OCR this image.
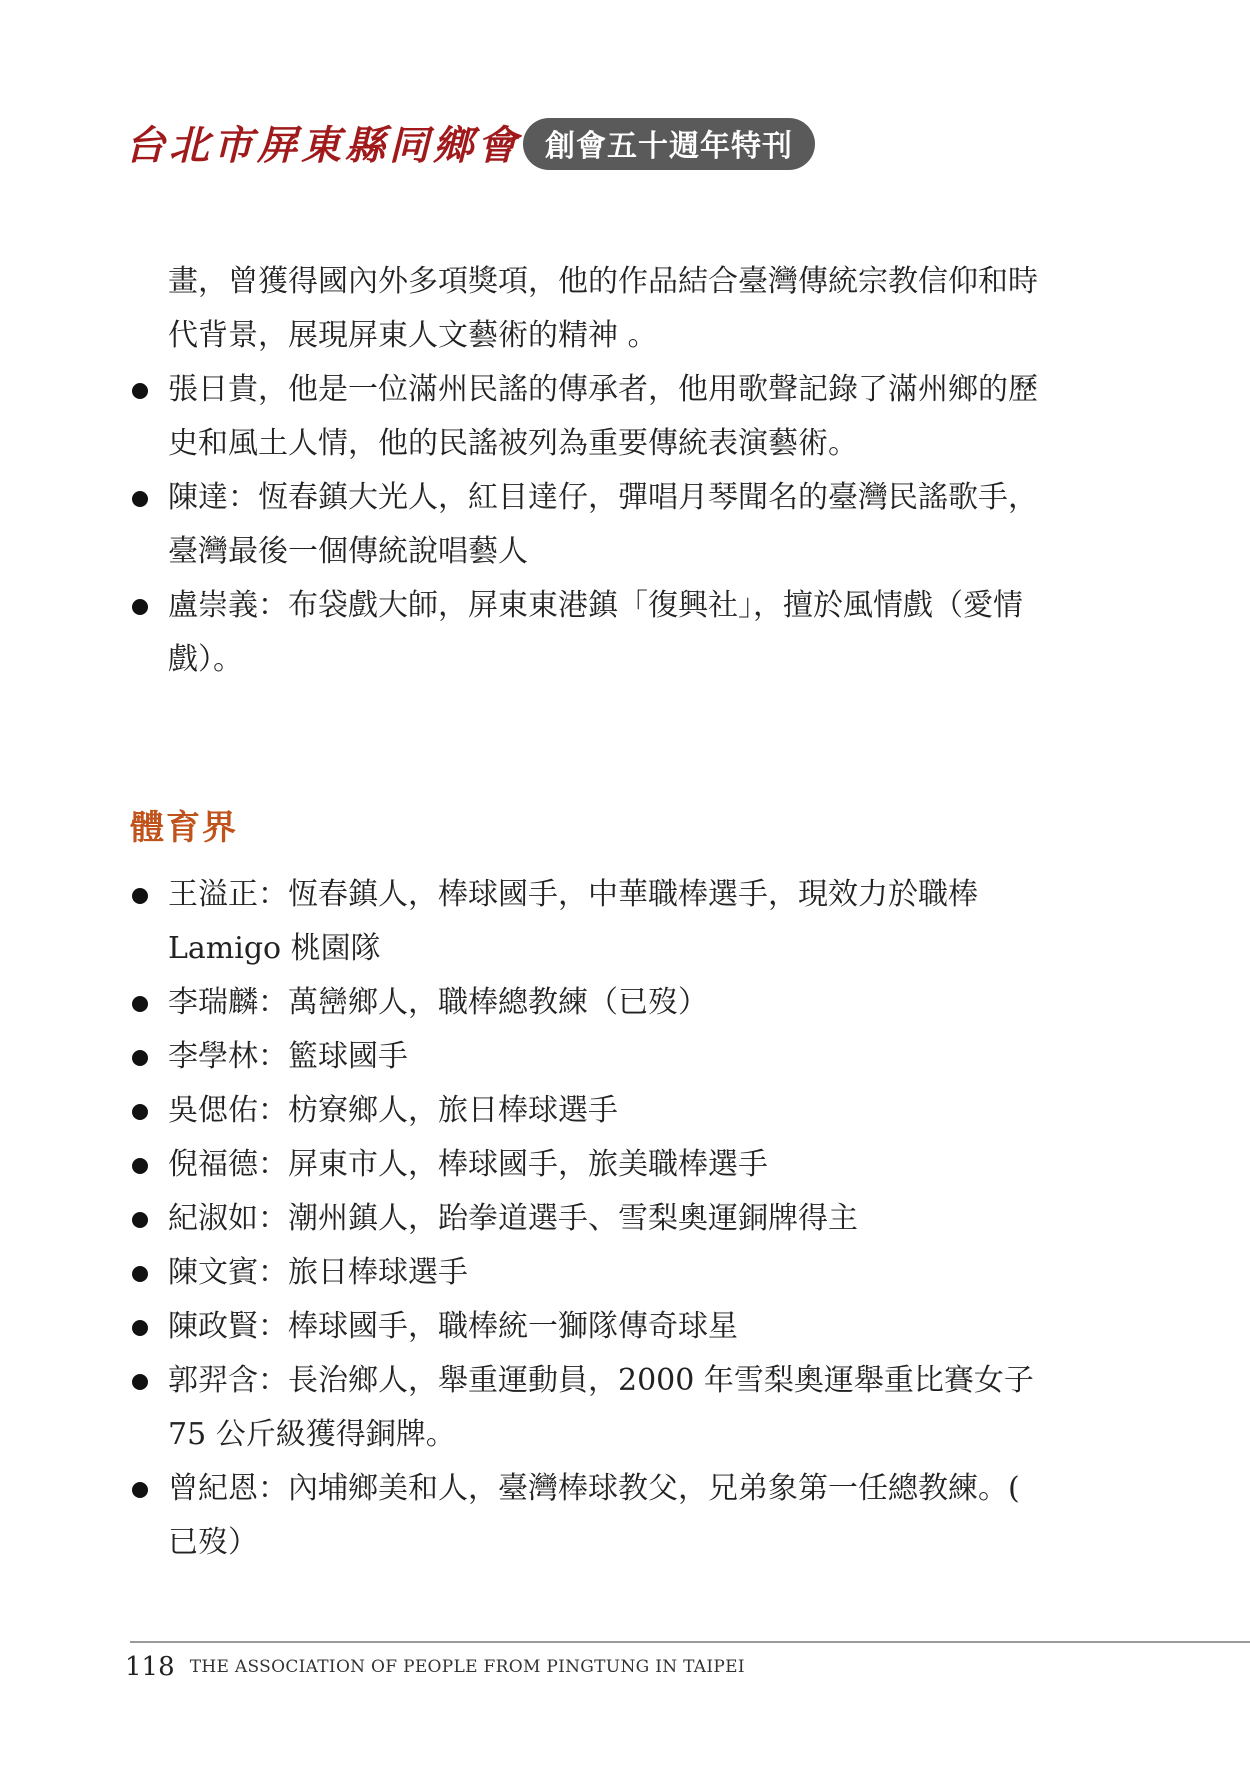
台北市屏東縣同鄉會 創會五十週年特刊
畫，曾獲得國內外多項獎項，他的作品結合臺灣傳統宗教信仰和時
代背景，展現屏東人文藝術的精神 。
張日貴，他是一位滿州民謠的傳承者，他用歌聲記錄了滿州鄉的歷
史和風土人情，他的民謠被列為重要傳統表演藝術。
陳達：恆春鎮大光人，紅目達仔，彈唱月琴聞名的臺灣民謠歌手，
臺灣最後一個傳統說唱藝人
盧崇義：布袋戲大師，屏東東港鎮「復興社」，擅於風情戲（愛情
戲）。
體育界
王溢正：恆春鎮人，棒球國手，中華職棒選手，現效力於職棒
Lamigo 桃園隊
李瑞麟：萬巒鄉人，職棒總教練（已歿）
李學林：籃球國手
吳偲佑：枋寮鄉人，旅日棒球選手
倪福德：屏東市人，棒球國手，旅美職棒選手
紀淑如：潮州鎮人，跆拳道選手、雪梨奧運銅牌得主
陳文賓：旅日棒球選手
陳政賢：棒球國手，職棒統一獅隊傳奇球星
郭羿含：長治鄉人，舉重運動員，2000 年雪梨奧運舉重比賽女子
75 公斤級獲得銅牌。
曾紀恩：內埔鄉美和人，臺灣棒球教父，兄弟象第一任總教練。(
已歿）
118 THE ASSOCIATION OF PEOPLE FROM PINGTUNG IN TAIPEI
